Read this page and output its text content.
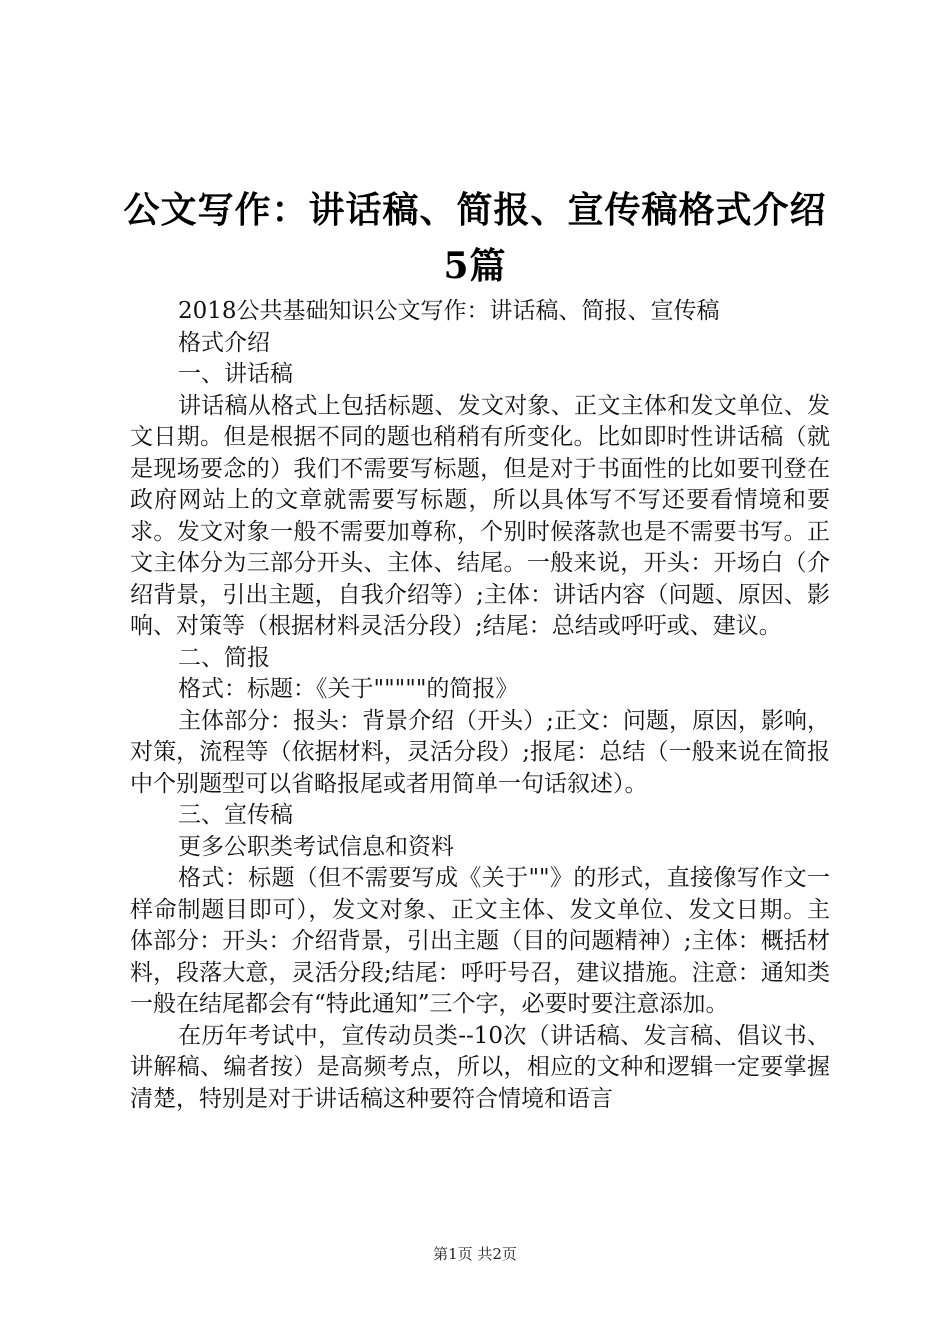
公文写作：讲话稿、简报、宣传稿格式介绍5篇

2018公共基础知识公文写作：讲话稿、简报、宣传稿

格式介绍

一、讲话稿

讲话稿从格式上包括标题、发文对象、正文主体和发文单位、发文日期。但是根据不同的题也稍稍有所变化。比如即时性讲话稿（就是现场要念的）我们不需要写标题，但是对于书面性的比如要刊登在政府网站上的文章就需要写标题，所以具体写不写还要看情境和要求。发文对象一般不需要加尊称，个别时候落款也是不需要书写。正文主体分为三部分开头、主体、结尾。一般来说，开头：开场白（介绍背景，引出主题，自我介绍等）;主体：讲话内容（问题、原因、影响、对策等（根据材料灵活分段）;结尾：总结或呼吁或、建议。

二、简报

格式：标题：《关于"""""的简报》

主体部分：报头：背景介绍（开头）;正文：问题，原因，影响，对策，流程等（依据材料，灵活分段）;报尾：总结（一般来说在简报中个别题型可以省略报尾或者用简单一句话叙述）。

三、宣传稿

更多公职类考试信息和资料

格式：标题（但不需要写成《关于""》的形式，直接像写作文一样命制题目即可），发文对象、正文主体、发文单位、发文日期。主体部分：开头：介绍背景，引出主题（目的问题精神）;主体：概括材料，段落大意，灵活分段;结尾：呼吁号召，建议措施。注意：通知类一般在结尾都会有“特此通知”三个字，必要时要注意添加。

在历年考试中，宣传动员类--10次（讲话稿、发言稿、倡议书、讲解稿、编者按）是高频考点，所以，相应的文种和逻辑一定要掌握清楚，特别是对于讲话稿这种要符合情境和语言

第1页 共2页
